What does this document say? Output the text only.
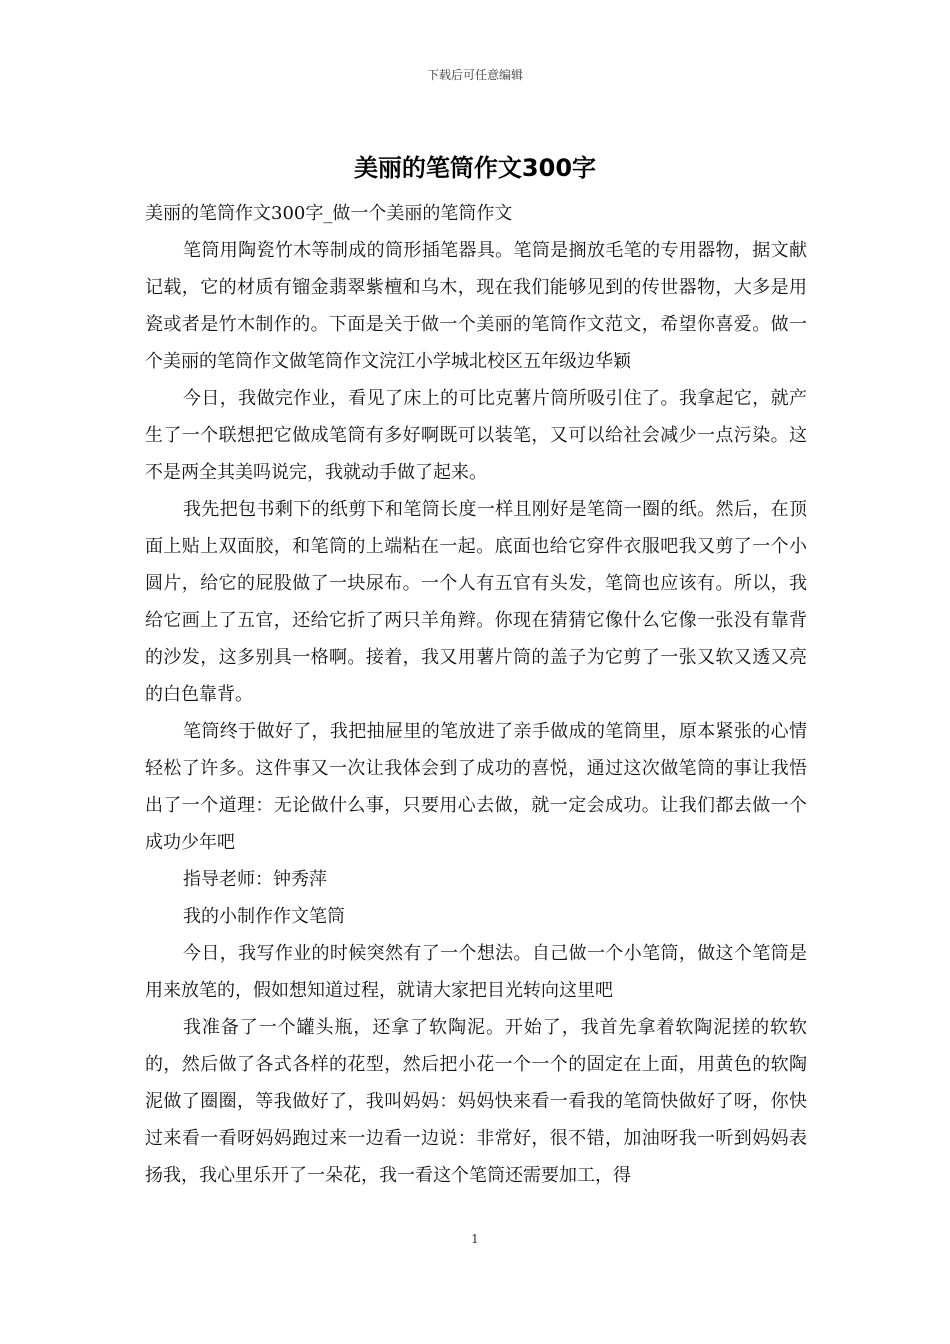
下载后可任意编辑
美丽的笔筒作文300字

美丽的笔筒作文300字_做一个美丽的笔筒作文

笔筒用陶瓷竹木等制成的筒形插笔器具。笔筒是搁放毛笔的专用器物，据文献记载，它的材质有镏金翡翠紫檀和乌木，现在我们能够见到的传世器物，大多是用瓷或者是竹木制作的。下面是关于做一个美丽的笔筒作文范文，希望你喜爱。做一个美丽的笔筒作文做笔筒作文浣江小学城北校区五年级边华颖

今日，我做完作业，看见了床上的可比克薯片筒所吸引住了。我拿起它，就产生了一个联想把它做成笔筒有多好啊既可以装笔，又可以给社会减少一点污染。这不是两全其美吗说完，我就动手做了起来。

我先把包书剩下的纸剪下和笔筒长度一样且刚好是笔筒一圈的纸。然后，在顶面上贴上双面胶，和笔筒的上端粘在一起。底面也给它穿件衣服吧我又剪了一个小圆片，给它的屁股做了一块尿布。一个人有五官有头发，笔筒也应该有。所以，我给它画上了五官，还给它折了两只羊角辫。你现在猜猜它像什么它像一张没有靠背的沙发，这多别具一格啊。接着，我又用薯片筒的盖子为它剪了一张又软又透又亮的白色靠背。

笔筒终于做好了，我把抽屉里的笔放进了亲手做成的笔筒里，原本紧张的心情轻松了许多。这件事又一次让我体会到了成功的喜悦，通过这次做笔筒的事让我悟出了一个道理：无论做什么事，只要用心去做，就一定会成功。让我们都去做一个成功少年吧

指导老师：钟秀萍

我的小制作作文笔筒

今日，我写作业的时候突然有了一个想法。自己做一个小笔筒，做这个笔筒是用来放笔的，假如想知道过程，就请大家把目光转向这里吧

我准备了一个罐头瓶，还拿了软陶泥。开始了，我首先拿着软陶泥搓的软软的，然后做了各式各样的花型，然后把小花一个一个的固定在上面，用黄色的软陶泥做了圈圈，等我做好了，我叫妈妈：妈妈快来看一看我的笔筒快做好了呀，你快过来看一看呀妈妈跑过来一边看一边说：非常好，很不错，加油呀我一听到妈妈表扬我，我心里乐开了一朵花，我一看这个笔筒还需要加工，得

1
